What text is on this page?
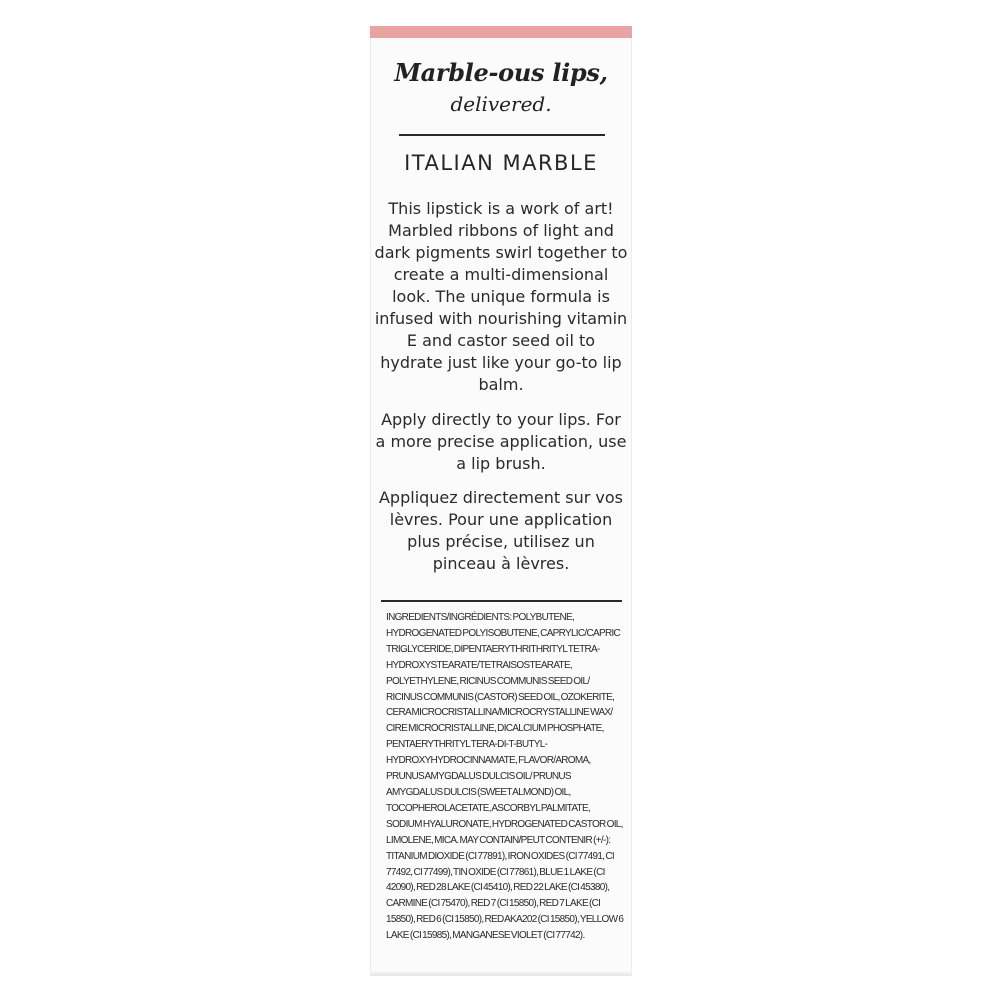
Marble-ous lips,
delivered.
ITALIAN MARBLE
This lipstick is a work of art! Marbled ribbons of light and dark pigments swirl together to create a multi-dimensional look. The unique formula is infused with nourishing vitamin E and castor seed oil to hydrate just like your go-to lip balm.
Apply directly to your lips. For a more precise application, use a lip brush.
Appliquez directement sur vos lèvres. Pour une application plus précise, utilisez un pinceau à lèvres.
INGREDIENTS/INGRÉDIENTS: POLYBUTENE, HYDROGENATED POLYISOBUTENE, CAPRYLIC/CAPRIC TRIGLYCERIDE, DIPENTAERYTHRITHRITYL TETRA-HYDROXYSTEARATE/TETRAISOSTEARATE, POLYETHYLENE, RICINUS COMMUNIS SEED OIL/ RICINUS COMMUNIS (CASTOR) SEED OIL, OZOKERITE, CERA MICROCRISTALLINA/MICROCRYSTALLINE WAX/ CIRE MICROCRISTALLINE, DICALCIUM PHOSPHATE, PENTAERYTHRITYL TERA-DI-T-BUTYL-HYDROXYHYDROCINNAMATE, FLAVOR/AROMA, PRUNUS AMYGDALUS DULCIS OIL/ PRUNUS AMYGDALUS DULCIS (SWEET ALMOND) OIL, TOCOPHEROL ACETATE, ASCORBYL PALMITATE, SODIUM HYALURONATE, HYDROGENATED CASTOR OIL, LIMOLENE, MICA. MAY CONTAIN/PEUT CONTENIR (+/-): TITANIUM DIOXIDE (CI 77891), IRON OXIDES (CI 77491, CI 77492, CI 77499), TIN OXIDE (CI 77861), BLUE 1 LAKE (CI 42090), RED 28 LAKE (CI 45410), RED 22 LAKE (CI 45380), CARMINE (CI 75470), RED 7 (CI 15850), RED 7 LAKE (CI 15850), RED 6 (CI 15850), RED AKA202 (CI 15850), YELLOW 6 LAKE (CI 15985), MANGANESE VIOLET (CI 77742).
